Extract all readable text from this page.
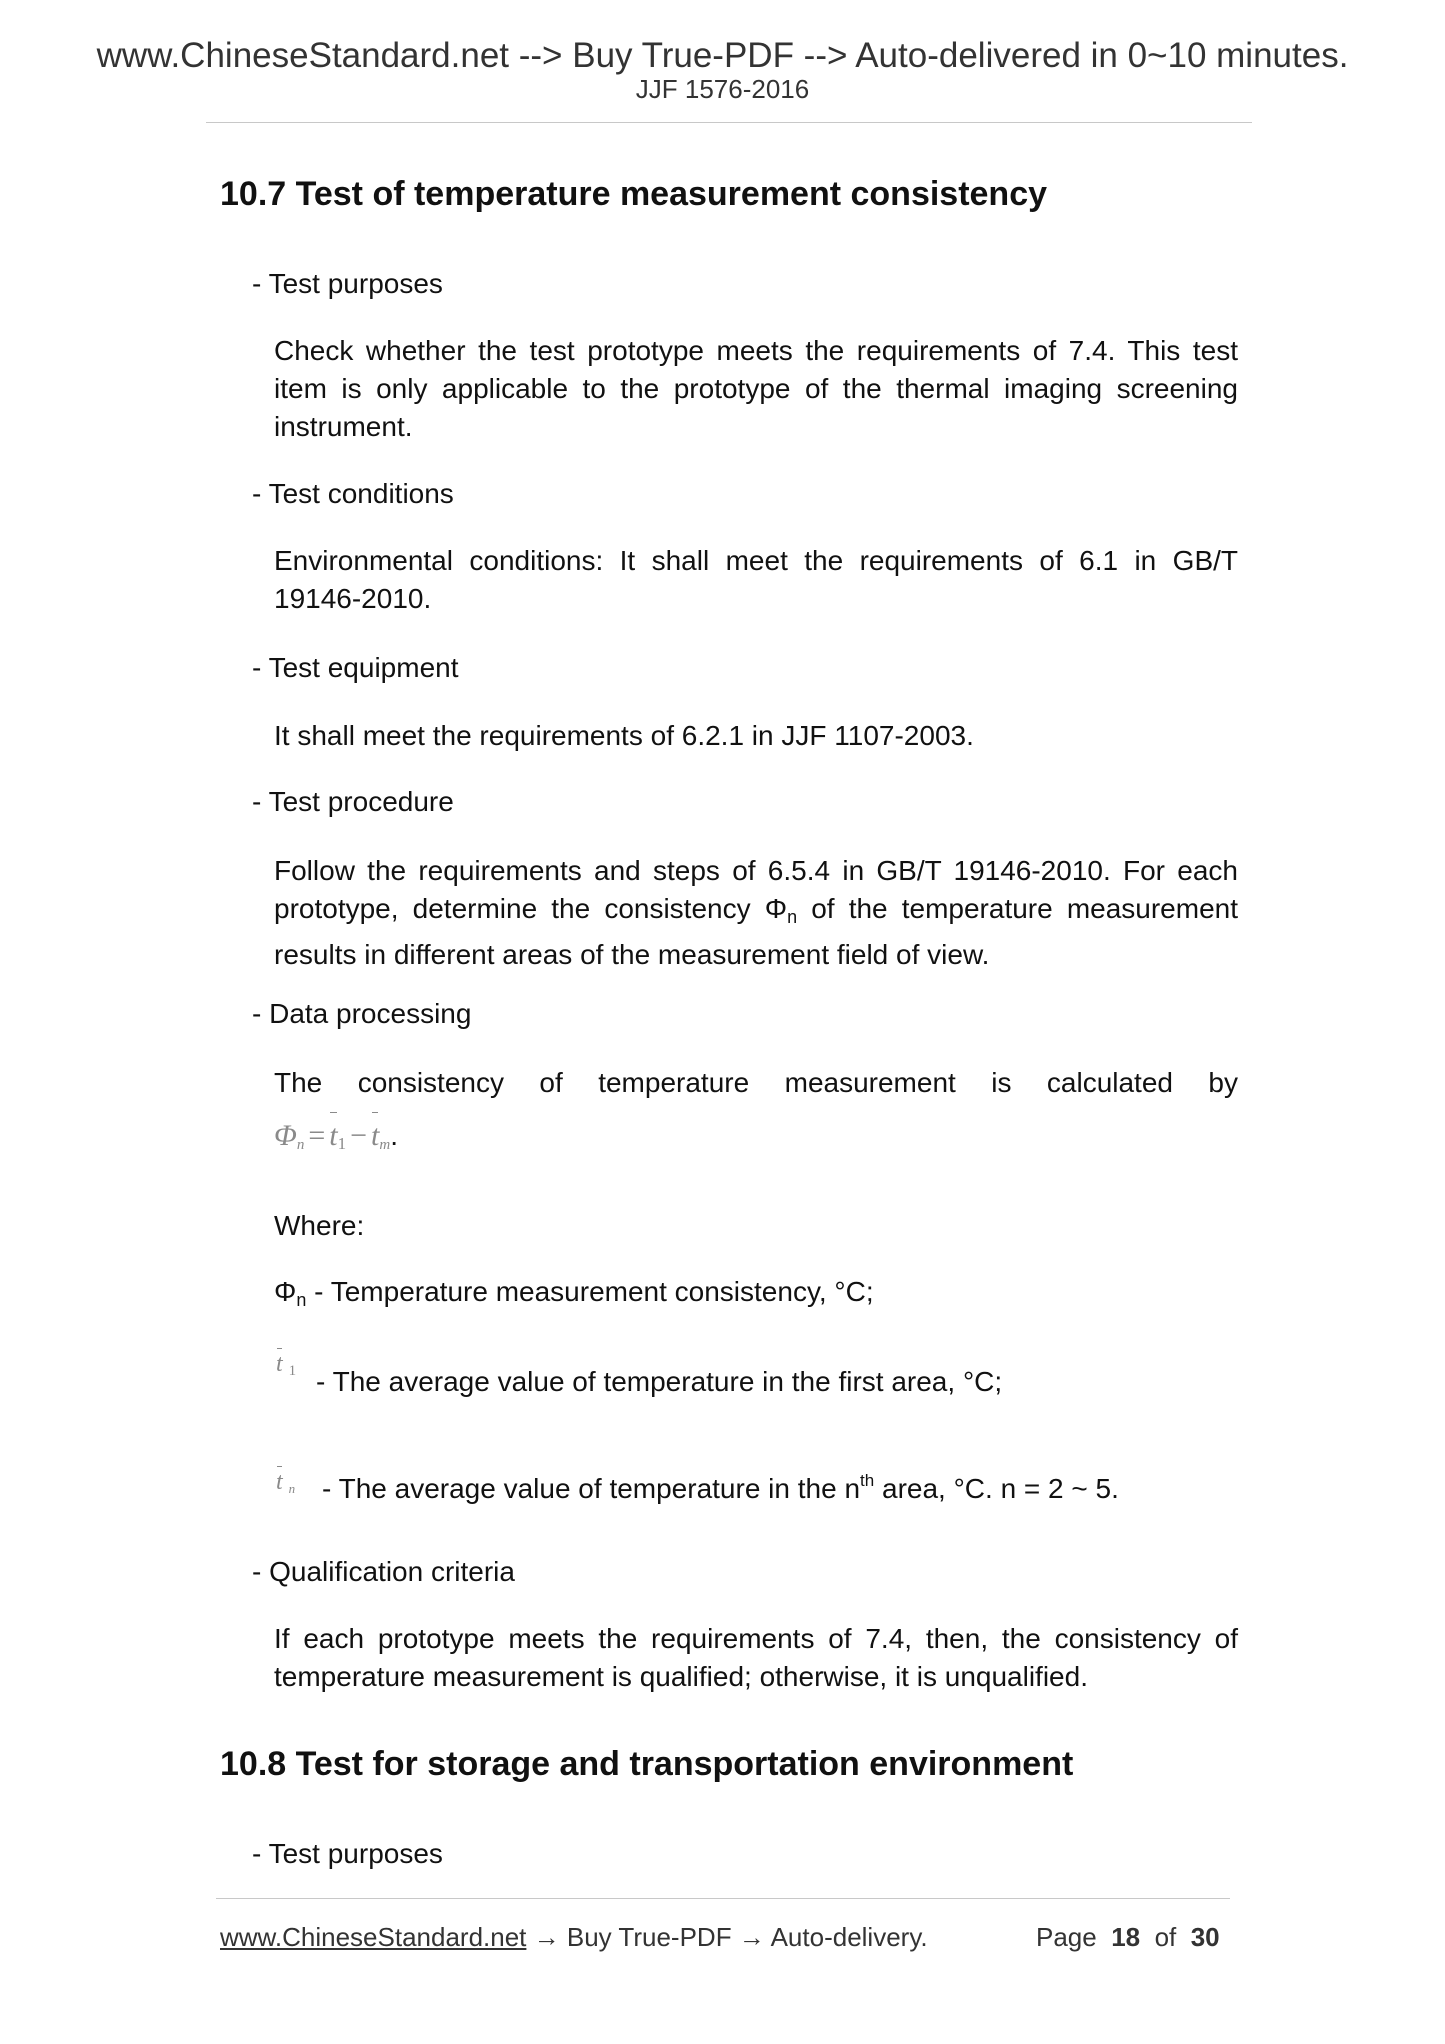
www.ChineseStandard.net --> Buy True-PDF --> Auto-delivered in 0~10 minutes.
JJF 1576-2016
10.7 Test of temperature measurement consistency
- Test purposes
Check whether the test prototype meets the requirements of 7.4. This test item is only applicable to the prototype of the thermal imaging screening instrument.
- Test conditions
Environmental conditions: It shall meet the requirements of 6.1 in GB/T 19146-2010.
- Test equipment
It shall meet the requirements of 6.2.1 in JJF 1107-2003.
- Test procedure
Follow the requirements and steps of 6.5.4 in GB/T 19146-2010. For each prototype, determine the consistency $\Phi_n$ of the temperature measurement results in different areas of the measurement field of view.
- Data processing
The consistency of temperature measurement is calculated by
Φn = t1 − tm.
Where:
$\Phi_n$ - Temperature measurement consistency, °C;
t 1 - The average value of temperature in the first area, °C;
tn - The average value of temperature in the $n^{th}$ area, °C. n = 2 ~ 5.
- Qualification criteria
If each prototype meets the requirements of 7.4, then, the consistency of temperature measurement is qualified; otherwise, it is unqualified.
10.8 Test for storage and transportation environment
- Test purposes
www.ChineseStandard.net → Buy True-PDF → Auto-delivery.	Page 18 of 30
